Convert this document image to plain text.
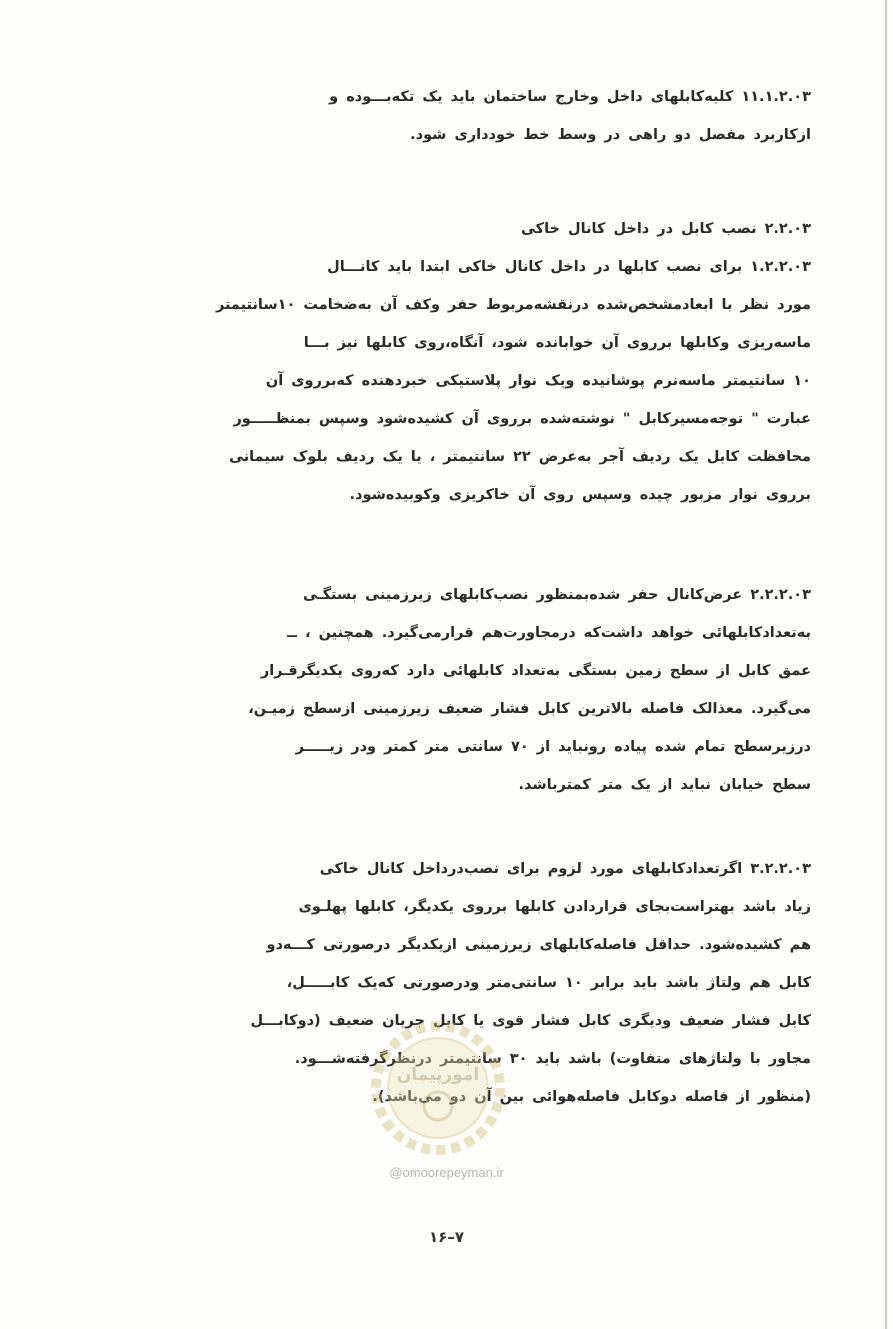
۱۱.۱.۲.۰۳ کلیه‌کابلهای داخل وخارج ساختمان باید یک تکه‌بـــوده و

ازکاربرد مفصل دو راهی در وسط خط خودداری شود.

۲.۲.۰۳ نصب کابل در داخل کانال خاکی

۱.۲.۲.۰۳ برای نصب کابلها در داخل کانال خاکی ابتدا باید کانـــال

مورد نظر با ابعادمشخص‌شده درنقشه‌مربوط حفر وکف آن به‌ضخامت ۱۰سانتیمتر

ماسه‌ریزی وکابلها برروی آن خوابانده شود، آنگاه،روی کابلها نیز بـــا

۱۰ سانتیمتر ماسه‌نرم پوشانیده ویک نوار پلاستیکی خبردهنده که‌برروی آن

عبارت " توجه‌مسیرکابل " نوشته‌شده برروی آن کشیده‌شود وسپس بمنظـــــور

محافظت کابل یک ردیف آجر به‌عرض ۲۲ سانتیمتر ، یا یک ردیف بلوک سیمانی

برروی نوار مزبور چیده وسپس روی آن خاکریزی وکوبیده‌شود.

۲.۲.۲.۰۳ عرض‌کانال حفر شده‌بمنظور نصب‌کابلهای زیرزمینی بستگـی

به‌تعدادکابلهائی خواهد داشت‌که درمجاورت‌هم قرارمی‌گیرد. همچنین ، ــ

عمق کابل از سطح زمین بستگی به‌تعداد کابلهائی دارد که‌روی یکدیگرقـرار

می‌گیرد. معذالک فاصله بالاترین کابل فشار ضعیف زیرزمینی ازسطح زمیـن،

درزیرسطح تمام شده پیاده رونباید از ۷۰ سانتی متر کمتر ودر زیـــــر

سطح خیابان نباید از یک متر کمترباشد.

۳.۲.۲.۰۳ اگرتعدادکابلهای مورد لزوم برای نصب‌درداخل کانال خاکی

زیاد باشد بهتراست‌بجای قراردادن کابلها برروی یکدیگر، کابلها پهلـوی

هم کشیده‌شود. حداقل فاصله‌کابلهای زیرزمینی ازیکدیگر درصورتی کـــه‌دو

کابل هم ولتاژ باشد باید برابر ۱۰ سانتی‌متر ودرصورتی که‌یک کابـــــل،

کابل فشار ضعیف ودیگری کابل فشار قوی یا کابل جریان ضعیف (دوکابـــل

مجاور با ولتاژهای متفاوت) باشد باید ۳۰ سانتیمتر درنظرگرفته‌شـــود.

(منظور از فاصله دوکابل فاصله‌هوائی بین آن دو می‌باشد).

امورپیمان
@omoorepeyman.ir
۱۶–۷
